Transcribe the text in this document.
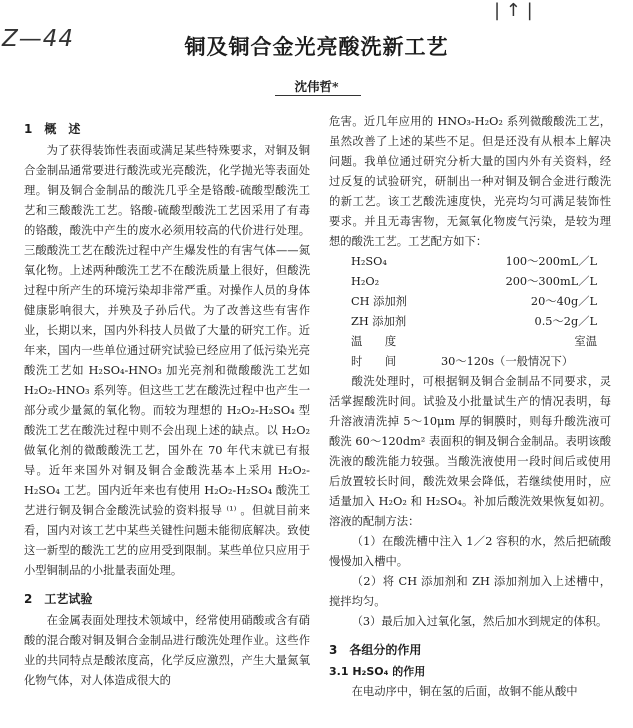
| ↑ |
Z—44	铜及铜合金光亮酸洗新工艺
沈伟哲*
1　概　述

为了获得装饰性表面或满足某些特殊要求，对铜及铜合金制品通常要进行酸洗或光亮酸洗，化学抛光等表面处理。铜及铜合金制品的酸洗几乎全是铬酸-硫酸型酸洗工艺和三酸酸洗工艺。铬酸-硫酸型酸洗工艺因采用了有毒的铬酸，酸洗中产生的废水必须用较高的代价进行处理。三酸酸洗工艺在酸洗过程中产生爆发性的有害气体——氮氧化物。上述两种酸洗工艺不在酸洗质量上很好，但酸洗过程中所产生的环境污染却非常严重。对操作人员的身体健康影响很大，并殃及子孙后代。为了改善这些有害作业，长期以来，国内外科技人员做了大量的研究工作。近年来，国内一些单位通过研究试验已经应用了低污染光亮酸洗工艺如 H₂SO₄-HNO₃ 加光亮剂和微酸酸洗工艺如 H₂O₂-HNO₃ 系列等。但这些工艺在酸洗过程中也产生一部分或少量氮的氧化物。而较为理想的 H₂O₂-H₂SO₄ 型酸洗工艺在酸洗过程中则不会出现上述的缺点。以 H₂O₂ 做氧化剂的微酸酸洗工艺，国外在 70 年代末就已有报导。近年来国外对铜及铜合金酸洗基本上采用 H₂O₂-H₂SO₄ 工艺。国内近年来也有使用 H₂O₂-H₂SO₄ 酸洗工艺进行铜及铜合金酸洗试验的资料报导 ⁽¹⁾ 。但就目前来看，国内对该工艺中某些关键性问题未能彻底解决。致使这一新型的酸洗工艺的应用受到限制。某些单位只应用于小型铜制品的小批量表面处理。

2　工艺试验

在金属表面处理技术领域中，经常使用硝酸或含有硝酸的混合酸对铜及铜合金制品进行酸洗处理作业。这些作业的共同特点是酸浓度高，化学反应激烈，产生大量氮氧化物气体，对人体造成很大的

危害。近几年应用的 HNO₃-H₂O₂ 系列微酸酸洗工艺，虽然改善了上述的某些不足。但是还没有从根本上解决问题。我单位通过研究分析大量的国内外有关资料，经过反复的试验研究，研制出一种对铜及铜合金进行酸洗的新工艺。该工艺酸洗速度快，光亮均匀可满足装饰性要求。并且无毒害物，无氮氧化物废气污染，是较为理想的酸洗工艺。工艺配方如下：

H₂SO₄	100～200mL／L
H₂O₂	200～300mL／L
CH 添加剂	20～40g／L
ZH 添加剂	0.5～2g／L
温　　度	室温
时　　间	30～120s（一般情况下）

酸洗处理时，可根据铜及铜合金制品不同要求，灵活掌握酸洗时间。试验及小批量试生产的情况表明，每升溶液清洗掉 5～10μm 厚的铜膜时，则每升酸洗液可酸洗 60～120dm² 表面积的铜及铜合金制品。表明该酸洗液的酸洗能力较强。当酸洗液使用一段时间后或使用后放置较长时间，酸洗效果会降低，若继续使用时，应适量加入 H₂O₂ 和 H₂SO₄。补加后酸洗效果恢复如初。溶液的配制方法：

（1）在酸洗槽中注入 1／2 容积的水，然后把硫酸慢慢加入槽中。

（2）将 CH 添加剂和 ZH 添加剂加入上述槽中，搅拌均匀。

（3）最后加入过氧化氢，然后加水到规定的体积。

3　各组分的作用
3.1 H₂SO₄ 的作用

在电动序中，铜在氢的后面，故铜不能从酸中
